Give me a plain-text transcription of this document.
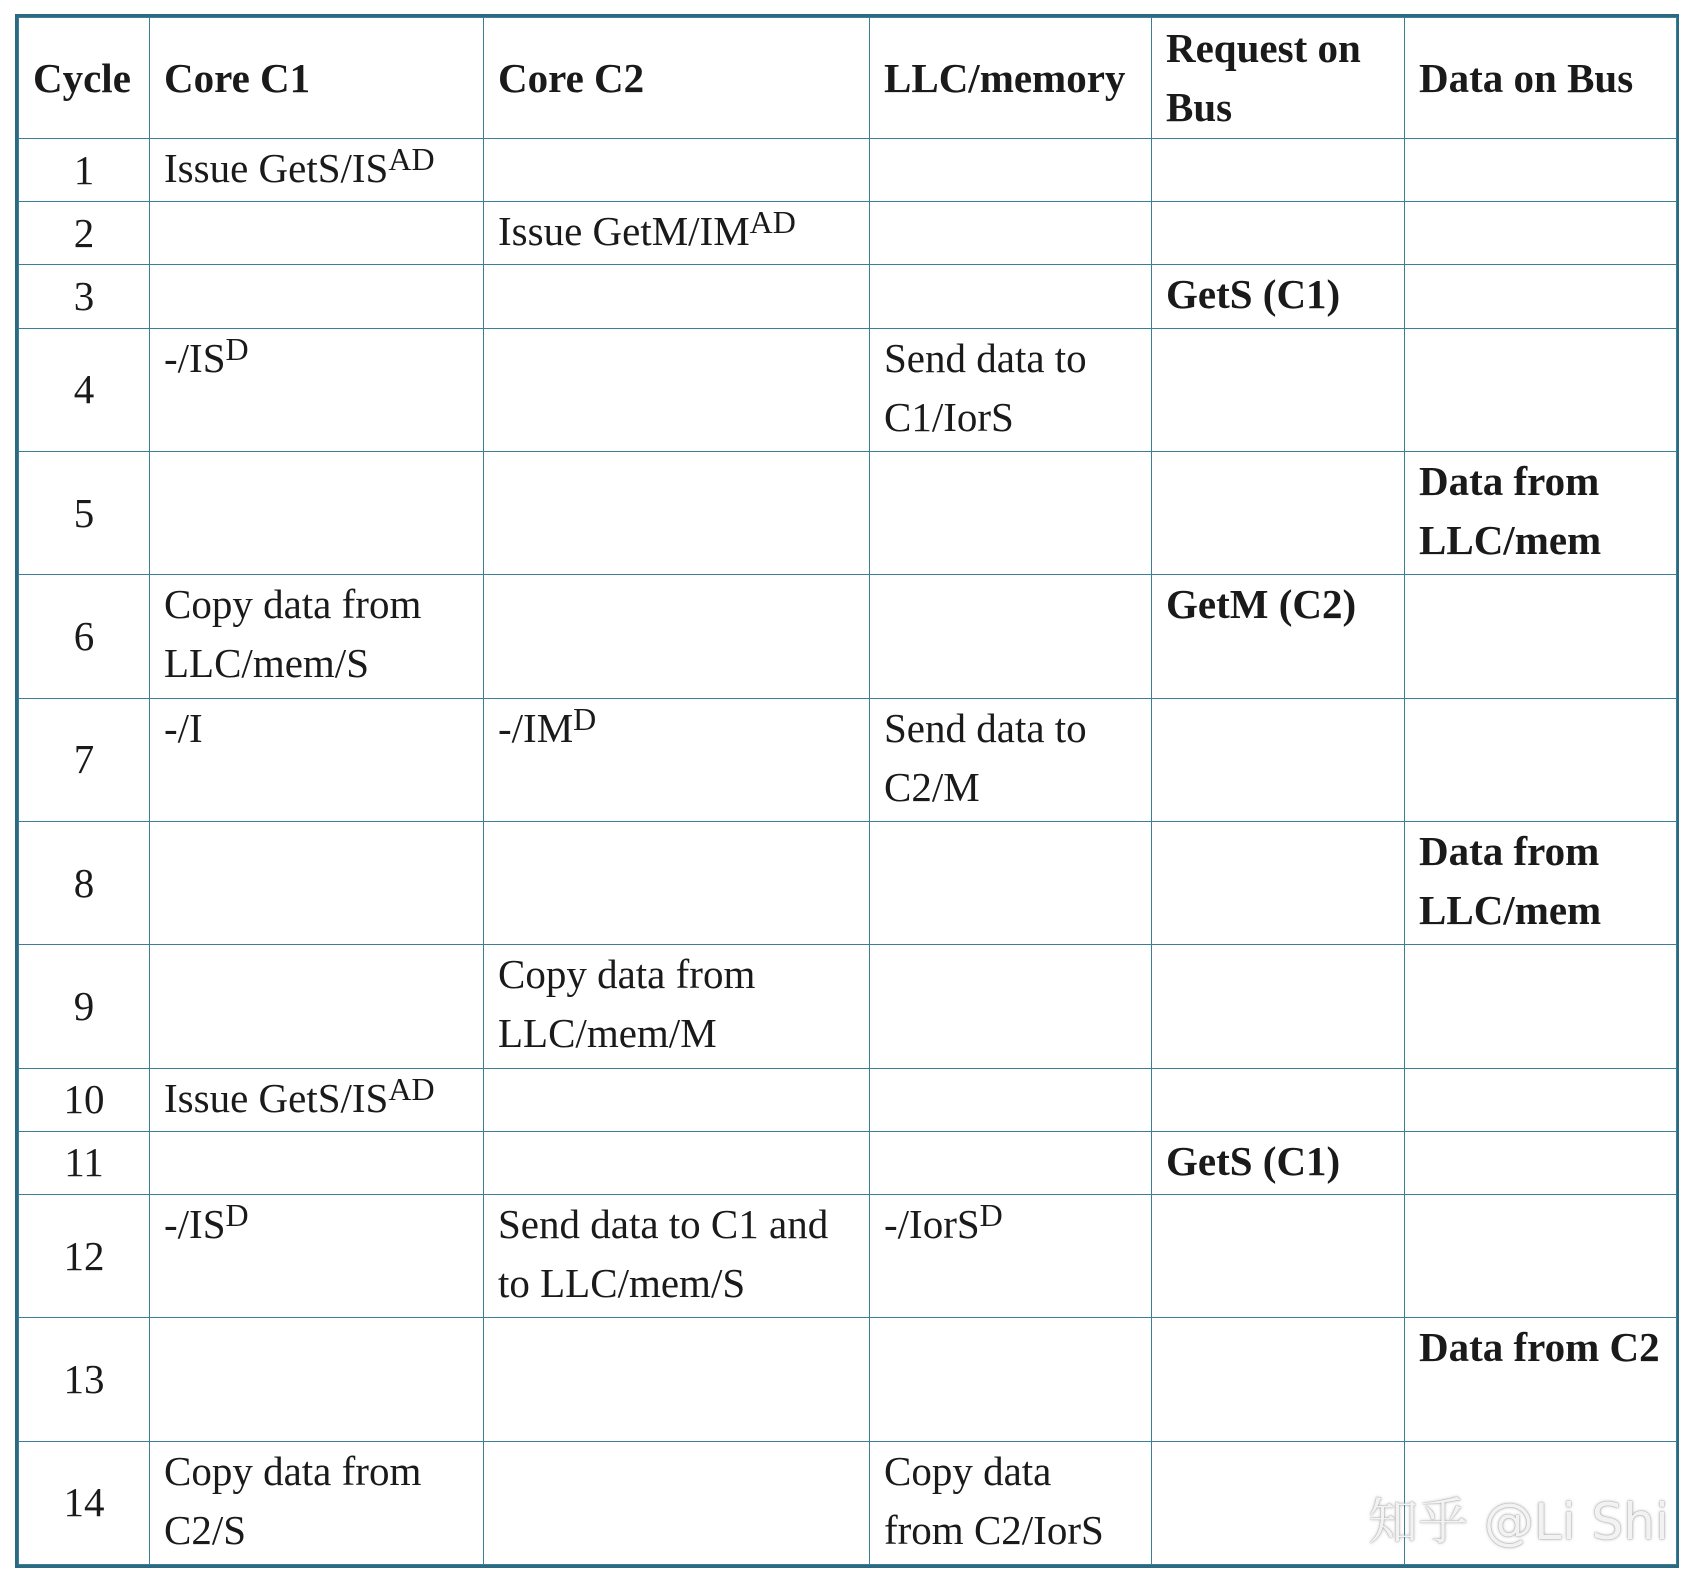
Cycle	Core C1	Core C2	LLC/memory	Request on Bus	Data on Bus
1	Issue GetS/$IS^{AD}$				
2		Issue GetM/$IM^{AD}$			
3				GetS (C1)	
4	$-/IS^D$		Send data to C1/IorS		
5					Data from LLC/mem
6	Copy data from LLC/mem/S			GetM (C2)	
7	-/I	$-/IM^D$	Send data to C2/M		
8					Data from LLC/mem
9		Copy data from LLC/mem/M			
10	Issue GetS/$IS^{AD}$				
11				GetS (C1)	
12	$-/IS^D$	Send data to C1 and to LLC/mem/S	-/IorS$^D$		
13					Data from C2
14	Copy data from C2/S		Copy data from C2/IorS			知乎 @Li Shi
